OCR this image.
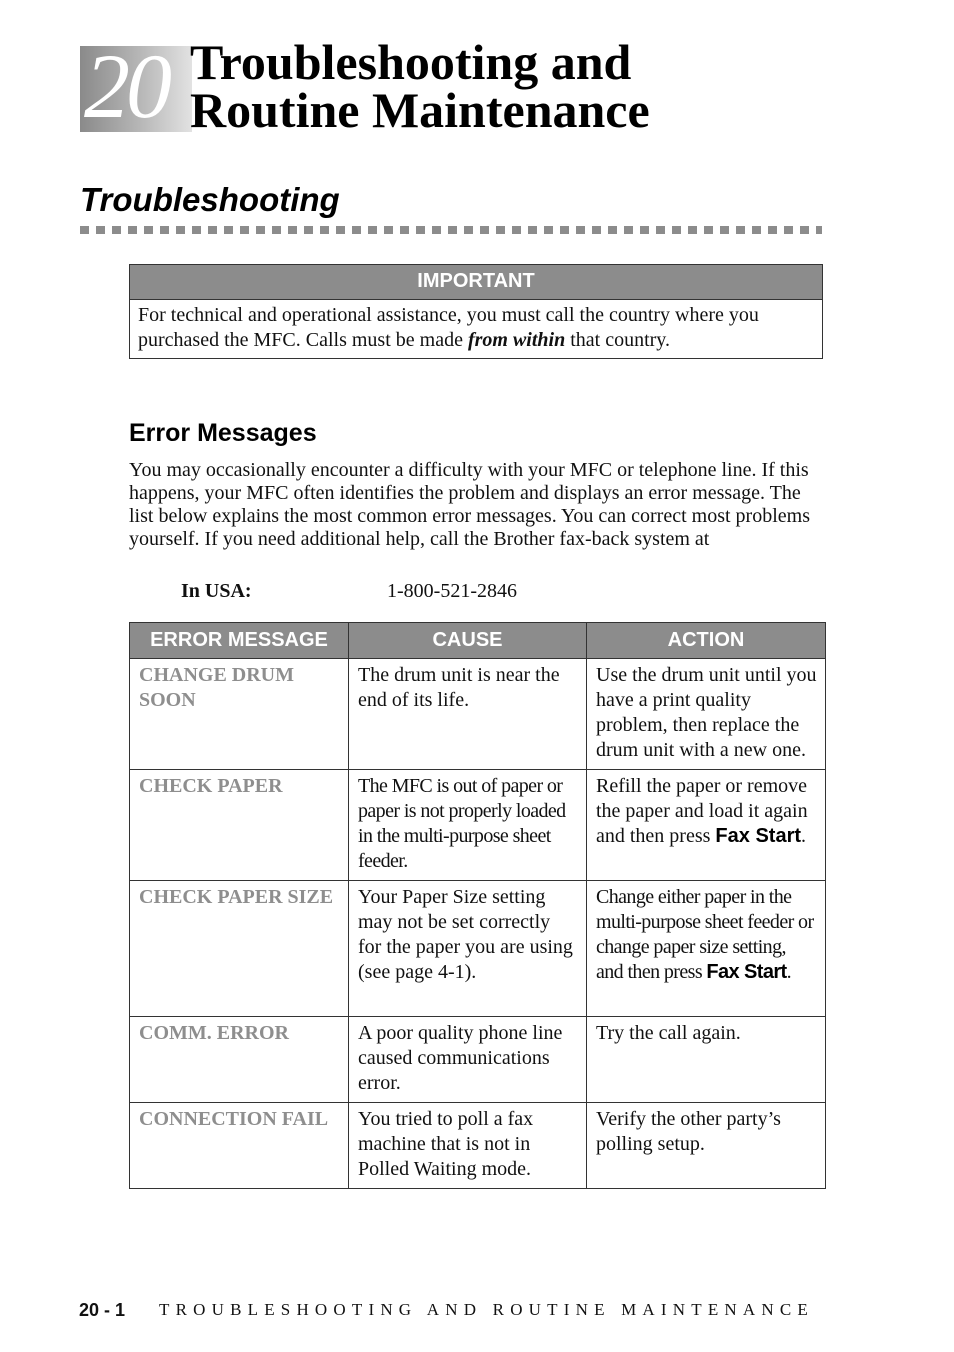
20 Troubleshooting and
Routine Maintenance
Troubleshooting
IMPORTANT
For technical and operational assistance, you must call the country where you purchased the MFC. Calls must be made from within that country.
Error Messages

You may occasionally encounter a difficulty with your MFC or telephone line. If this happens, your MFC often identifies the problem and displays an error message. The list below explains the most common error messages. You can correct most problems yourself. If you need additional help, call the Brother fax-back system at

In USA:	1-800-521-2846
ERROR MESSAGE	CAUSE	ACTION
CHANGE DRUM SOON	The drum unit is near the end of its life.	Use the drum unit until you have a print quality problem, then replace the drum unit with a new one.
CHECK PAPER	The MFC is out of paper or paper is not properly loaded in the multi-purpose sheet feeder.	Refill the paper or remove the paper and load it again and then press Fax Start.
CHECK PAPER SIZE	Your Paper Size setting may not be set correctly for the paper you are using (see page 4-1).	Change either paper in the multi-purpose sheet feeder or change paper size setting, and then press Fax Start.
COMM. ERROR	A poor quality phone line caused communications error.	Try the call again.
CONNECTION FAIL	You tried to poll a fax machine that is not in Polled Waiting mode.	Verify the other party’s polling setup.
20 - 1 TROUBLESHOOTING AND ROUTINE MAINTENANCE
